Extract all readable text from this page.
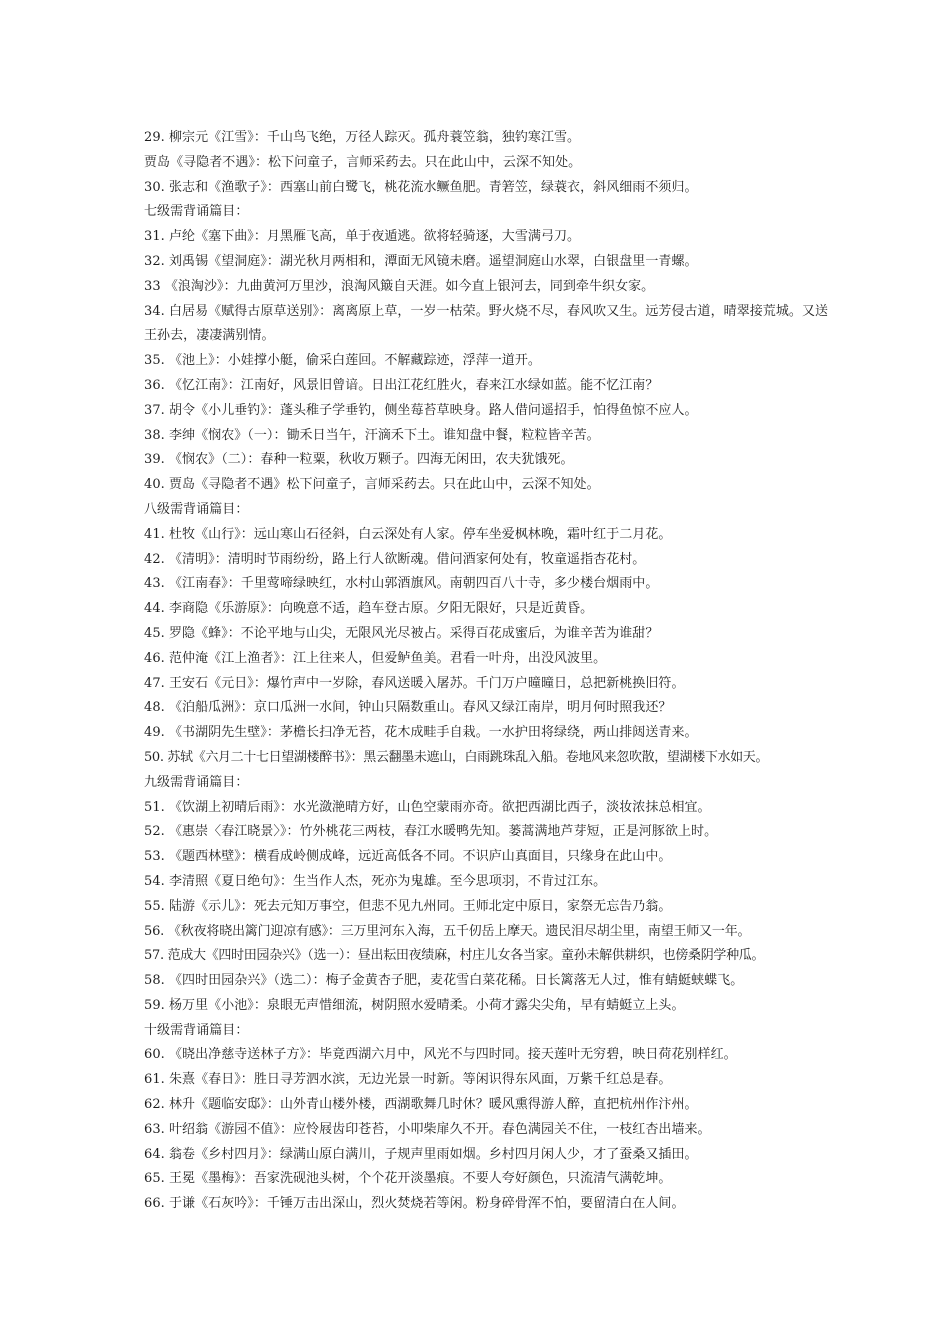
29. 柳宗元《江雪》：千山鸟飞绝，万径人踪灭。孤舟蓑笠翁，独钓寒江雪。
贾岛《寻隐者不遇》：松下问童子，言师采药去。只在此山中，云深不知处。
30. 张志和《渔歌子》：西塞山前白鹭飞，桃花流水鳜鱼肥。青箬笠，绿蓑衣，斜风细雨不须归。
七级需背诵篇目：
31. 卢纶《塞下曲》：月黑雁飞高，单于夜遁逃。欲将轻骑逐，大雪满弓刀。
32. 刘禹锡《望洞庭》：湖光秋月两相和，潭面无风镜未磨。遥望洞庭山水翠，白银盘里一青螺。
33 《浪淘沙》：九曲黄河万里沙，浪淘风簸自天涯。如今直上银河去，同到牵牛织女家。
34. 白居易《赋得古原草送别》：离离原上草，一岁一枯荣。野火烧不尽，春风吹又生。远芳侵古道，晴翠接荒城。又送王孙去，凄凄满别情。
35. 《池上》：小娃撑小艇，偷采白莲回。不解藏踪迹，浮萍一道开。
36. 《忆江南》：江南好，风景旧曾谙。日出江花红胜火，春来江水绿如蓝。能不忆江南？
37. 胡令《小儿垂钓》：蓬头稚子学垂钓，侧坐莓苔草映身。路人借问遥招手，怕得鱼惊不应人。
38. 李绅《悯农》（一）：锄禾日当午，汗滴禾下土。谁知盘中餐，粒粒皆辛苦。
39. 《悯农》（二）：春种一粒粟，秋收万颗子。四海无闲田，农夫犹饿死。
40. 贾岛《寻隐者不遇》松下问童子，言师采药去。只在此山中，云深不知处。
八级需背诵篇目：
41. 杜牧《山行》：远山寒山石径斜，白云深处有人家。停车坐爱枫林晚，霜叶红于二月花。
42. 《清明》：清明时节雨纷纷，路上行人欲断魂。借问酒家何处有，牧童遥指杏花村。
43. 《江南春》：千里莺啼绿映红，水村山郭酒旗风。南朝四百八十寺，多少楼台烟雨中。
44. 李商隐《乐游原》：向晚意不适，趋车登古原。夕阳无限好，只是近黄昏。
45. 罗隐《蜂》：不论平地与山尖，无限风光尽被占。采得百花成蜜后，为谁辛苦为谁甜？
46. 范仲淹《江上渔者》：江上往来人，但爱鲈鱼美。君看一叶舟，出没风波里。
47. 王安石《元日》：爆竹声中一岁除，春风送暖入屠苏。千门万户曈曈日，总把新桃换旧符。
48. 《泊船瓜洲》：京口瓜洲一水间，钟山只隔数重山。春风又绿江南岸，明月何时照我还？
49. 《书湖阴先生壁》：茅檐长扫净无苔，花木成畦手自栽。一水护田将绿绕，两山排闼送青来。
50. 苏轼《六月二十七日望湖楼醉书》：黑云翻墨未遮山，白雨跳珠乱入船。卷地风来忽吹散，望湖楼下水如天。
九级需背诵篇目：
51. 《饮湖上初晴后雨》：水光潋滟晴方好，山色空蒙雨亦奇。欲把西湖比西子，淡妆浓抹总相宜。
52. 《惠崇〈春江晓景〉》：竹外桃花三两枝，春江水暖鸭先知。蒌蒿满地芦芽短，正是河豚欲上时。
53. 《题西林壁》：横看成岭侧成峰，远近高低各不同。不识庐山真面目，只缘身在此山中。
54. 李清照《夏日绝句》：生当作人杰，死亦为鬼雄。至今思项羽，不肯过江东。
55. 陆游《示儿》：死去元知万事空，但悲不见九州同。王师北定中原日，家祭无忘告乃翁。
56. 《秋夜将晓出篱门迎凉有感》：三万里河东入海，五千仞岳上摩天。遗民泪尽胡尘里，南望王师又一年。
57. 范成大《四时田园杂兴》（选一）：昼出耘田夜绩麻，村庄儿女各当家。童孙未解供耕织，也傍桑阴学种瓜。
58. 《四时田园杂兴》（选二）：梅子金黄杏子肥，麦花雪白菜花稀。日长篱落无人过，惟有蜻蜓蛱蝶飞。
59. 杨万里《小池》：泉眼无声惜细流，树阴照水爱晴柔。小荷才露尖尖角，早有蜻蜓立上头。
十级需背诵篇目：
60. 《晓出净慈寺送林子方》：毕竟西湖六月中，风光不与四时同。接天莲叶无穷碧，映日荷花别样红。
61. 朱熹《春日》：胜日寻芳泗水滨，无边光景一时新。等闲识得东风面，万紫千红总是春。
62. 林升《题临安邸》：山外青山楼外楼，西湖歌舞几时休？暖风熏得游人醉，直把杭州作汴州。
63. 叶绍翁《游园不值》：应怜屐齿印苍苔，小叩柴扉久不开。春色满园关不住，一枝红杏出墙来。
64. 翁卷《乡村四月》：绿满山原白满川，子规声里雨如烟。乡村四月闲人少，才了蚕桑又插田。
65. 王冕《墨梅》：吾家洗砚池头树，个个花开淡墨痕。不要人夸好颜色，只流清气满乾坤。
66. 于谦《石灰吟》：千锤万击出深山，烈火焚烧若等闲。粉身碎骨浑不怕，要留清白在人间。
